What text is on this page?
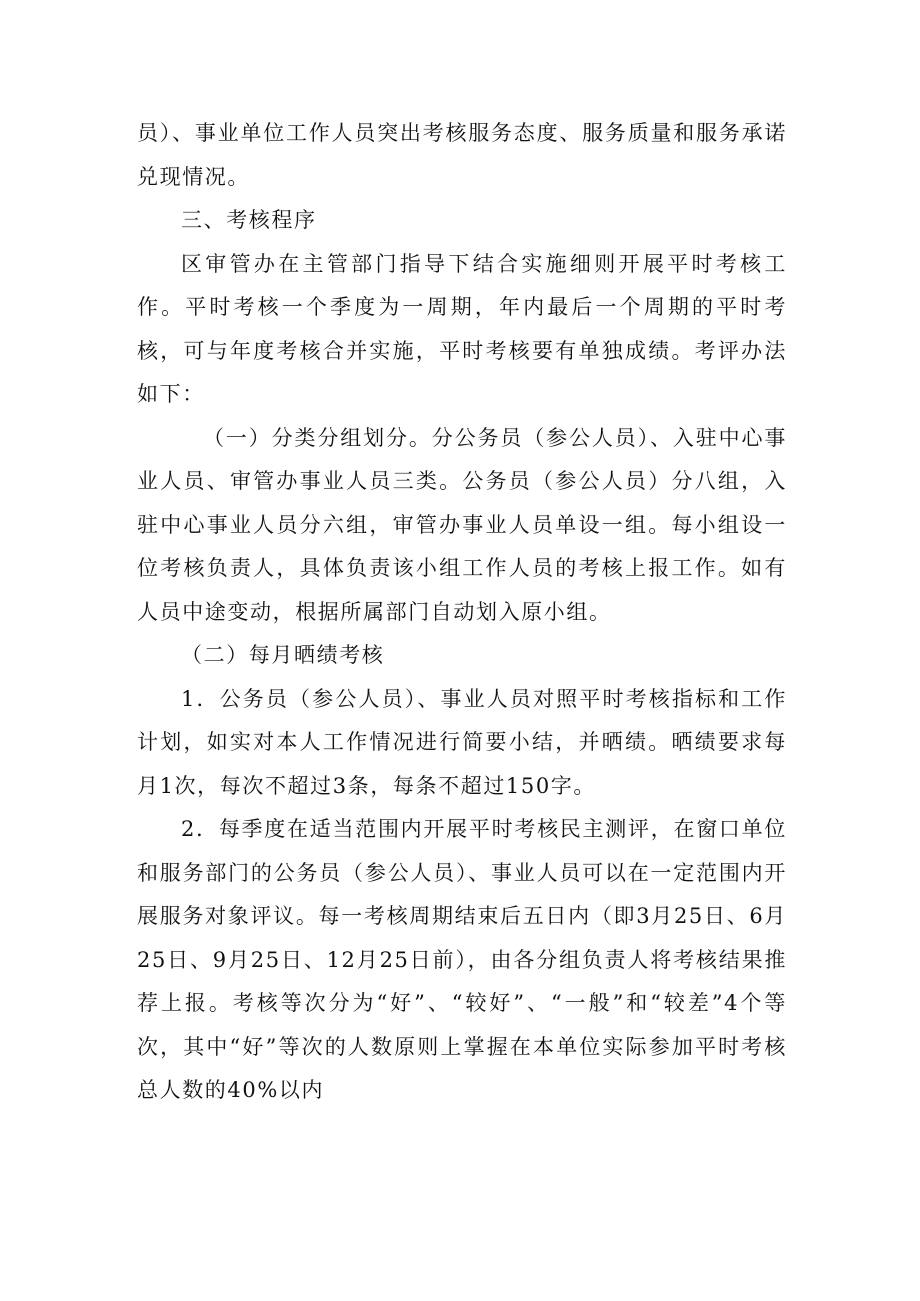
员）、事业单位工作人员突出考核服务态度、服务质量和服务承诺兑现情况。

三、考核程序

区审管办在主管部门指导下结合实施细则开展平时考核工作。平时考核一个季度为一周期，年内最后一个周期的平时考核，可与年度考核合并实施，平时考核要有单独成绩。考评办法如下：

（一）分类分组划分。分公务员（参公人员）、入驻中心事业人员、审管办事业人员三类。公务员（参公人员）分八组，入驻中心事业人员分六组，审管办事业人员单设一组。每小组设一位考核负责人，具体负责该小组工作人员的考核上报工作。如有人员中途变动，根据所属部门自动划入原小组。

（二）每月晒绩考核

1．公务员（参公人员）、事业人员对照平时考核指标和工作计划，如实对本人工作情况进行简要小结，并晒绩。晒绩要求每月1次，每次不超过3条，每条不超过150字。

2．每季度在适当范围内开展平时考核民主测评，在窗口单位和服务部门的公务员（参公人员）、事业人员可以在一定范围内开展服务对象评议。每一考核周期结束后五日内（即3月25日、6月25日、9月25日、12月25日前），由各分组负责人将考核结果推荐上报。考核等次分为“好”、“较好”、“一般”和“较差”4个等次，其中“好”等次的人数原则上掌握在本单位实际参加平时考核总人数的40%以内
